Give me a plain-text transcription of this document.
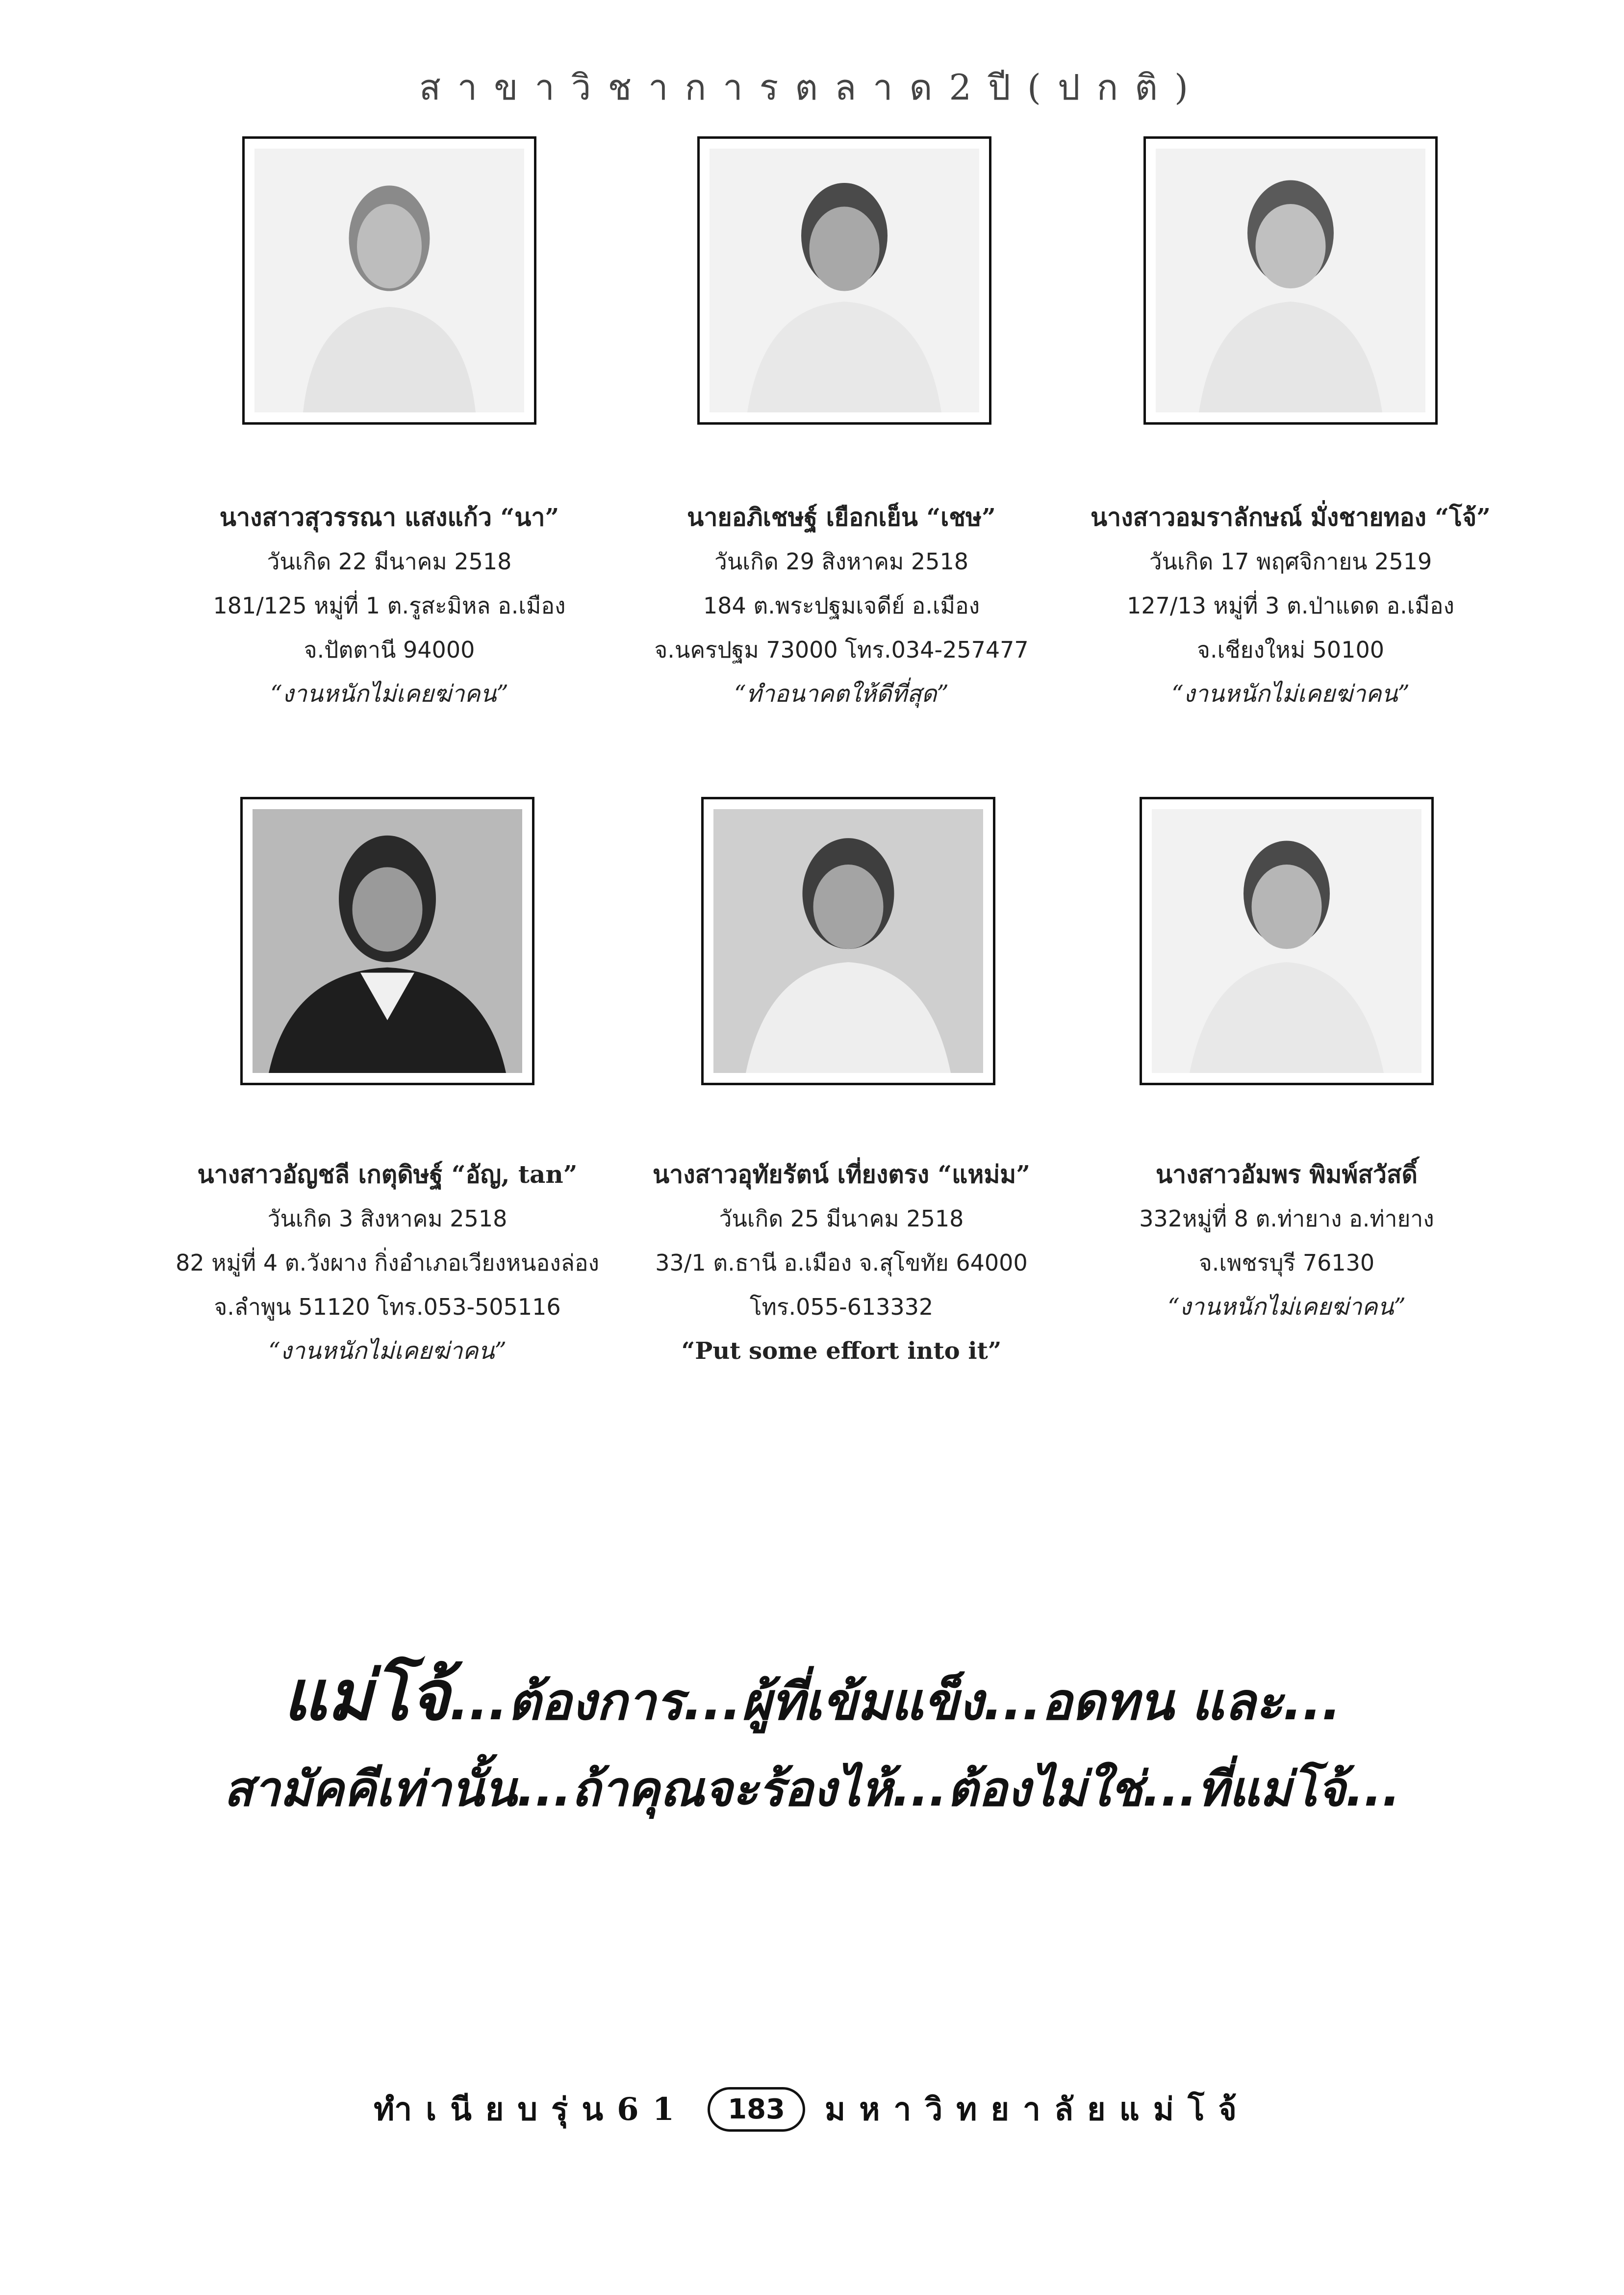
สาขาวิชาการตลาด2ปี(ปกติ)
นางสาวสุวรรณา แสงแก้ว “นา”
วันเกิด 22 มีนาคม 2518
181/125 หมู่ที่ 1 ต.รูสะมิหล อ.เมือง
จ.ปัตตานี 94000
“งานหนักไม่เคยฆ่าคน”
นายอภิเชษฐ์ เยือกเย็น “เชษ”
วันเกิด 29 สิงหาคม 2518
184 ต.พระปฐมเจดีย์ อ.เมือง
จ.นครปฐม 73000 โทร.034-257477
“ทำอนาคตให้ดีที่สุด”
นางสาวอมราลักษณ์ มั่งชายทอง “โจ้”
วันเกิด 17 พฤศจิกายน 2519
127/13 หมู่ที่ 3 ต.ป่าแดด อ.เมือง
จ.เชียงใหม่ 50100
“งานหนักไม่เคยฆ่าคน”
นางสาวอัญชลี เกตุดิษฐ์ “อัญ, tan”
วันเกิด 3 สิงหาคม 2518
82 หมู่ที่ 4 ต.วังผาง กิ่งอำเภอเวียงหนองล่อง
จ.ลำพูน 51120 โทร.053-505116
“งานหนักไม่เคยฆ่าคน”
นางสาวอุทัยรัตน์ เที่ยงตรง “แหม่ม”
วันเกิด 25 มีนาคม 2518
33/1 ต.ธานี อ.เมือง จ.สุโขทัย 64000
โทร.055-613332
“Put some effort into it”
นางสาวอัมพร พิมพ์สวัสดิ์
332หมู่ที่ 8 ต.ท่ายาง อ.ท่ายาง
จ.เพชรบุรี 76130
“งานหนักไม่เคยฆ่าคน”
แม่โจ้...ต้องการ...ผู้ที่เข้มแข็ง...อดทน และ...
สามัคคีเท่านั้น...ถ้าคุณจะร้องไห้...ต้องไม่ใช่...ที่แม่โจ้...
ทำเนียบรุ่น61	183	มหาวิทยาลัยแม่โจ้
